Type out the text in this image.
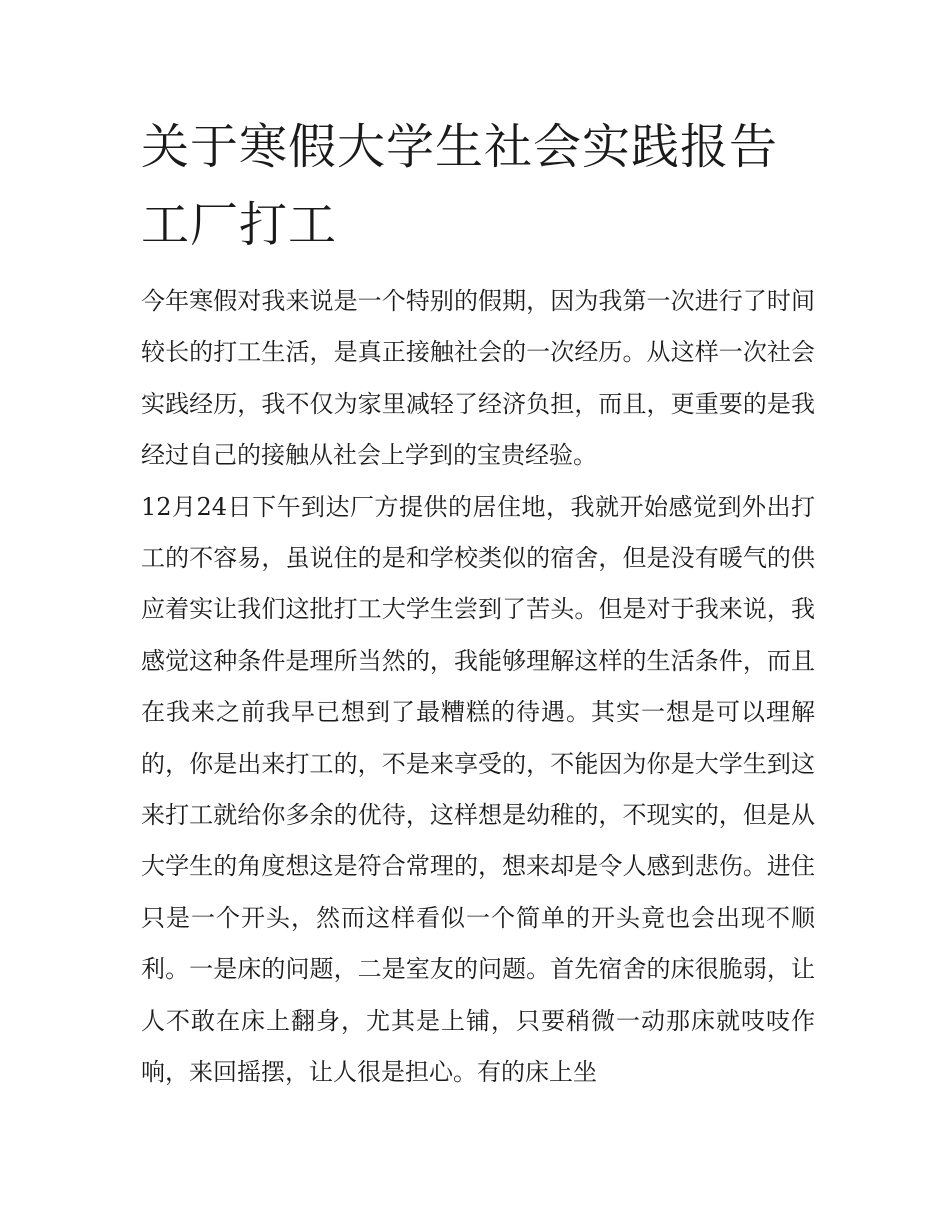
关于寒假大学生社会实践报告工厂打工

今年寒假对我来说是一个特别的假期，因为我第一次进行了时间较长的打工生活，是真正接触社会的一次经历。从这样一次社会实践经历，我不仅为家里减轻了经济负担，而且，更重要的是我经过自己的接触从社会上学到的宝贵经验。

12月24日下午到达厂方提供的居住地，我就开始感觉到外出打工的不容易，虽说住的是和学校类似的宿舍，但是没有暖气的供应着实让我们这批打工大学生尝到了苦头。但是对于我来说，我感觉这种条件是理所当然的，我能够理解这样的生活条件，而且在我来之前我早已想到了最糟糕的待遇。其实一想是可以理解的，你是出来打工的，不是来享受的，不能因为你是大学生到这来打工就给你多余的优待，这样想是幼稚的，不现实的，但是从大学生的角度想这是符合常理的，想来却是令人感到悲伤。进住只是一个开头，然而这样看似一个简单的开头竟也会出现不顺利。一是床的问题，二是室友的问题。首先宿舍的床很脆弱，让人不敢在床上翻身，尤其是上铺，只要稍微一动那床就吱吱作响，来回摇摆，让人很是担心。有的床上坐
